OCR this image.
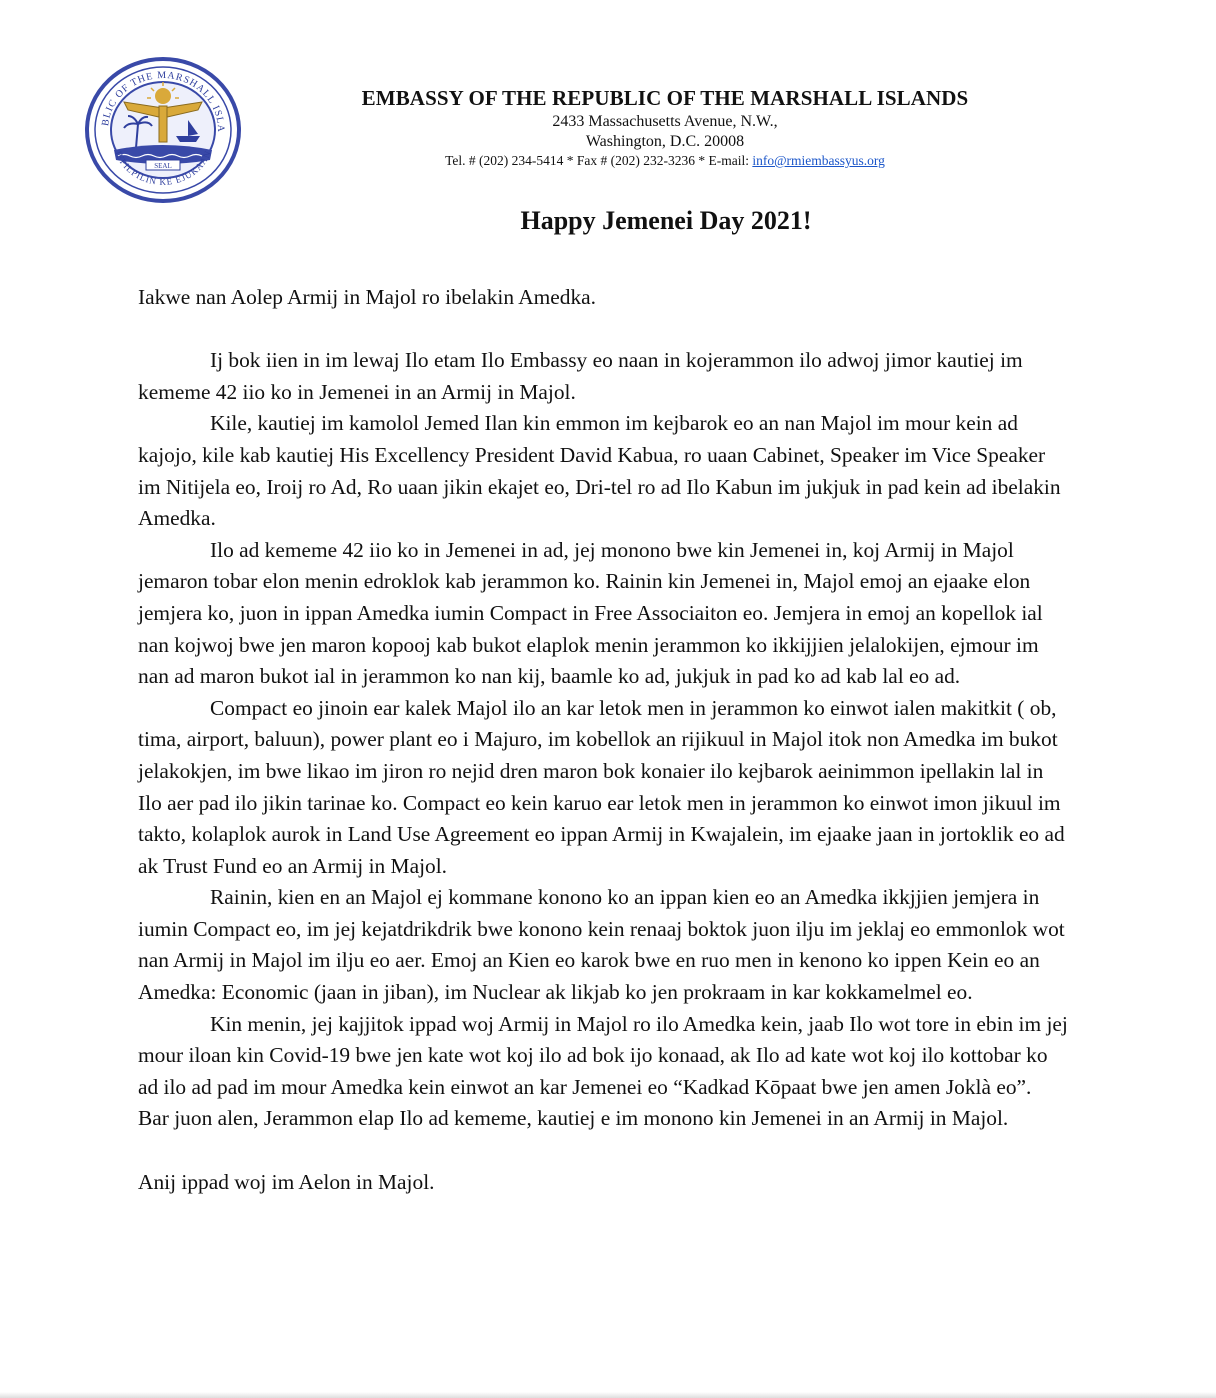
SEAL
BLIC OF THE MARSHALL ISLA
JEPILPILIN KE EJUKAAN

EMBASSY OF THE REPUBLIC OF THE MARSHALL ISLANDS

2433 Massachusetts Avenue, N.W.,

Washington, D.C. 20008

Tel. # (202) 234-5414 * Fax # (202) 232-3236 * E-mail: info@rmiembassyus.org

Happy Jemenei Day 2021!

Iakwe nan Aolep Armij in Majol ro ibelakin Amedka.

Ij bok iien in im lewaj Ilo etam Ilo Embassy eo naan in kojerammon ilo adwoj jimor kautiej im kememe 42 iio ko in Jemenei in an Armij in Majol.

Kile, kautiej im kamolol Jemed Ilan kin emmon im kejbarok eo an nan Majol im mour kein ad kajojo, kile kab kautiej His Excellency President David Kabua, ro uaan Cabinet, Speaker im Vice Speaker im Nitijela eo, Iroij ro Ad, Ro uaan jikin ekajet eo, Dri-tel ro ad Ilo Kabun im jukjuk in pad kein ad ibelakin Amedka.

Ilo ad kememe 42 iio ko in Jemenei in ad, jej monono bwe kin Jemenei in, koj Armij in Majol jemaron tobar elon menin edroklok kab jerammon ko. Rainin kin Jemenei in, Majol emoj an ejaake elon jemjera ko, juon in ippan Amedka iumin Compact in Free Associaiton eo. Jemjera in emoj an kopellok ial nan kojwoj bwe jen maron kopooj kab bukot elaplok menin jerammon ko ikkijjien jelalokijen, ejmour im nan ad maron bukot ial in jerammon ko nan kij, baamle ko ad, jukjuk in pad ko ad kab lal eo ad.

Compact eo jinoin ear kalek Majol ilo an kar letok men in jerammon ko einwot ialen makitkit ( ob, tima, airport, baluun), power plant eo i Majuro, im kobellok an rijikuul in Majol itok non Amedka im bukot jelakokjen, im bwe likao im jiron ro nejid dren maron bok konaier ilo kejbarok aeinimmon ipellakin lal in Ilo aer pad ilo jikin tarinae ko. Compact eo kein karuo ear letok men in jerammon ko einwot imon jikuul im takto, kolaplok aurok in Land Use Agreement eo ippan Armij in Kwajalein, im ejaake jaan in jortoklik eo ad ak Trust Fund eo an Armij in Majol.

Rainin, kien en an Majol ej kommane konono ko an ippan kien eo an Amedka ikkjjien jemjera in iumin Compact eo, im jej kejatdrikdrik bwe konono kein renaaj boktok juon ilju im jeklaj eo emmonlok wot nan Armij in Majol im ilju eo aer. Emoj an Kien eo karok bwe en ruo men in kenono ko ippen Kein eo an Amedka: Economic (jaan in jiban), im Nuclear ak likjab ko jen prokraam in kar kokkamelmel eo.

Kin menin, jej kajjitok ippad woj Armij in Majol ro ilo Amedka kein, jaab Ilo wot tore in ebin im jej mour iloan kin Covid-19 bwe jen kate wot koj ilo ad bok ijo konaad, ak Ilo ad kate wot koj ilo kottobar ko ad ilo ad pad im mour Amedka kein einwot an kar Jemenei eo “Kadkad Kōpaat bwe jen amen Joklà eo”.

Bar juon alen, Jerammon elap Ilo ad kememe, kautiej e im monono kin Jemenei in an Armij in Majol.

Anij ippad woj im Aelon in Majol.
